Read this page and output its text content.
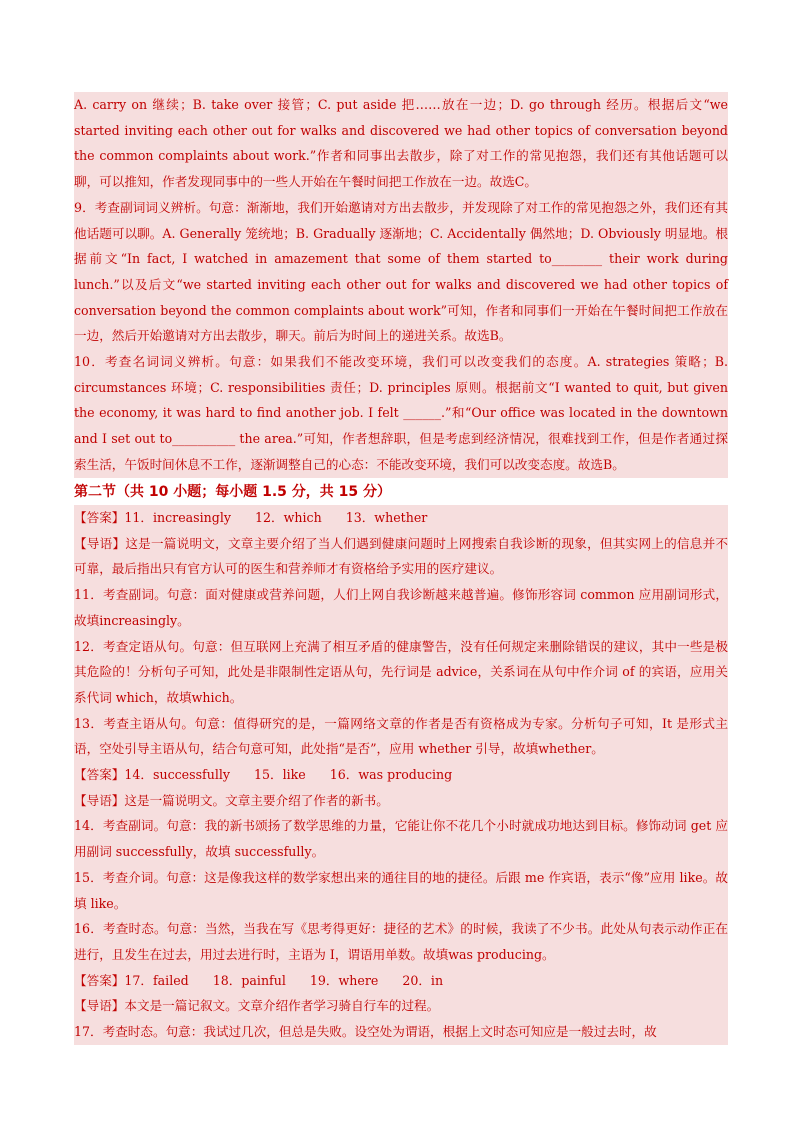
A. carry on 继续；B. take over 接管；C. put aside 把……放在一边；D. go through 经历。根据后文“we started inviting each other out for walks and discovered we had other topics of conversation beyond the common complaints about work.”作者和同事出去散步，除了对工作的常见抱怨，我们还有其他话题可以聊，可以推知，作者发现同事中的一些人开始在午餐时间把工作放在一边。故选C。

9．考查副词词义辨析。句意：渐渐地，我们开始邀请对方出去散步，并发现除了对工作的常见抱怨之外，我们还有其他话题可以聊。A. Generally 笼统地；B. Gradually 逐渐地；C. Accidentally 偶然地；D. Obviously 明显地。根据前文“In fact, I watched in amazement that some of them started to________ their work during lunch.”以及后文“we started inviting each other out for walks and discovered we had other topics of conversation beyond the common complaints about work”可知，作者和同事们一开始在午餐时间把工作放在一边，然后开始邀请对方出去散步，聊天。前后为时间上的递进关系。故选B。

10．考查名词词义辨析。句意：如果我们不能改变环境，我们可以改变我们的态度。A. strategies 策略；B. circumstances 环境；C. responsibilities 责任；D. principles 原则。根据前文“I wanted to quit, but given the economy, it was hard to find another job. I felt ______.”和“Our office was located in the downtown and I set out to__________ the area.”可知，作者想辞职，但是考虑到经济情况，很难找到工作，但是作者通过探索生活，午饭时间休息不工作，逐渐调整自己的心态：不能改变环境，我们可以改变态度。故选B。

第二节（共 10 小题；每小题 1.5 分，共 15 分）

【答案】11．increasingly 12．which 13．whether

【导语】这是一篇说明文，文章主要介绍了当人们遇到健康问题时上网搜索自我诊断的现象，但其实网上的信息并不可靠，最后指出只有官方认可的医生和营养师才有资格给予实用的医疗建议。

11．考查副词。句意：面对健康或营养问题，人们上网自我诊断越来越普遍。修饰形容词 common 应用副词形式，故填increasingly。

12．考查定语从句。句意：但互联网上充满了相互矛盾的健康警告，没有任何规定来删除错误的建议，其中一些是极其危险的！分析句子可知，此处是非限制性定语从句，先行词是 advice，关系词在从句中作介词 of 的宾语，应用关系代词 which，故填which。

13．考查主语从句。句意：值得研究的是，一篇网络文章的作者是否有资格成为专家。分析句子可知，It 是形式主语，空处引导主语从句，结合句意可知，此处指“是否”，应用 whether 引导，故填whether。

【答案】14．successfully 15．like 16．was producing

【导语】这是一篇说明文。文章主要介绍了作者的新书。

14．考查副词。句意：我的新书颂扬了数学思维的力量，它能让你不花几个小时就成功地达到目标。修饰动词 get 应用副词 successfully，故填 successfully。

15．考查介词。句意：这是像我这样的数学家想出来的通往目的地的捷径。后跟 me 作宾语，表示“像”应用 like。故填 like。

16．考查时态。句意：当然，当我在写《思考得更好：捷径的艺术》的时候，我读了不少书。此处从句表示动作正在进行，且发生在过去，用过去进行时，主语为 I，谓语用单数。故填was producing。

【答案】17．failed 18．painful 19．where 20．in

【导语】本文是一篇记叙文。文章介绍作者学习骑自行车的过程。

17．考查时态。句意：我试过几次，但总是失败。设空处为谓语，根据上文时态可知应是一般过去时，故
